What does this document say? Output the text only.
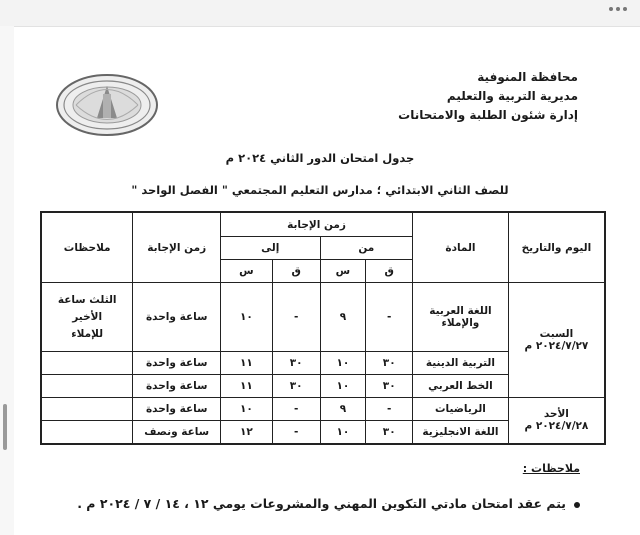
محافظة المنوفية
مديرية التربية والتعليم
إدارة شئون الطلبة والامتحانات
جدول امتحان الدور الثاني ٢٠٢٤ م
للصف الثاني الابتدائي ؛ مدارس التعليم المجتمعي " الفصل الواحد "
اليوم والتاريخ	المادة	زمن الإجابة				زمن الإجابة	ملاحظات
		من		إلى			
		ق	س	ق	س		

السبت
٢٠٢٤/٧/٢٧ م	اللغة العربية والإملاء	-	٩	-	١٠	ساعة واحدة	الثلث ساعة الأخير للإملاء
	التربية الدينية	٣٠	١٠	٣٠	١١	ساعة واحدة	
	الخط العربي	٣٠	١٠	٣٠	١١	ساعة واحدة	

الأحد
٢٠٢٤/٧/٢٨ م	الرياضيات	-	٩	-	١٠	ساعة واحدة	
	اللغة الانجليزية	٣٠	١٠	-	١٢	ساعة ونصف	
ملاحظات :
يتم عقد امتحان مادتي التكوين المهني والمشروعات يومي ١٢ ، ١٤ / ٧ / ٢٠٢٤ م .
